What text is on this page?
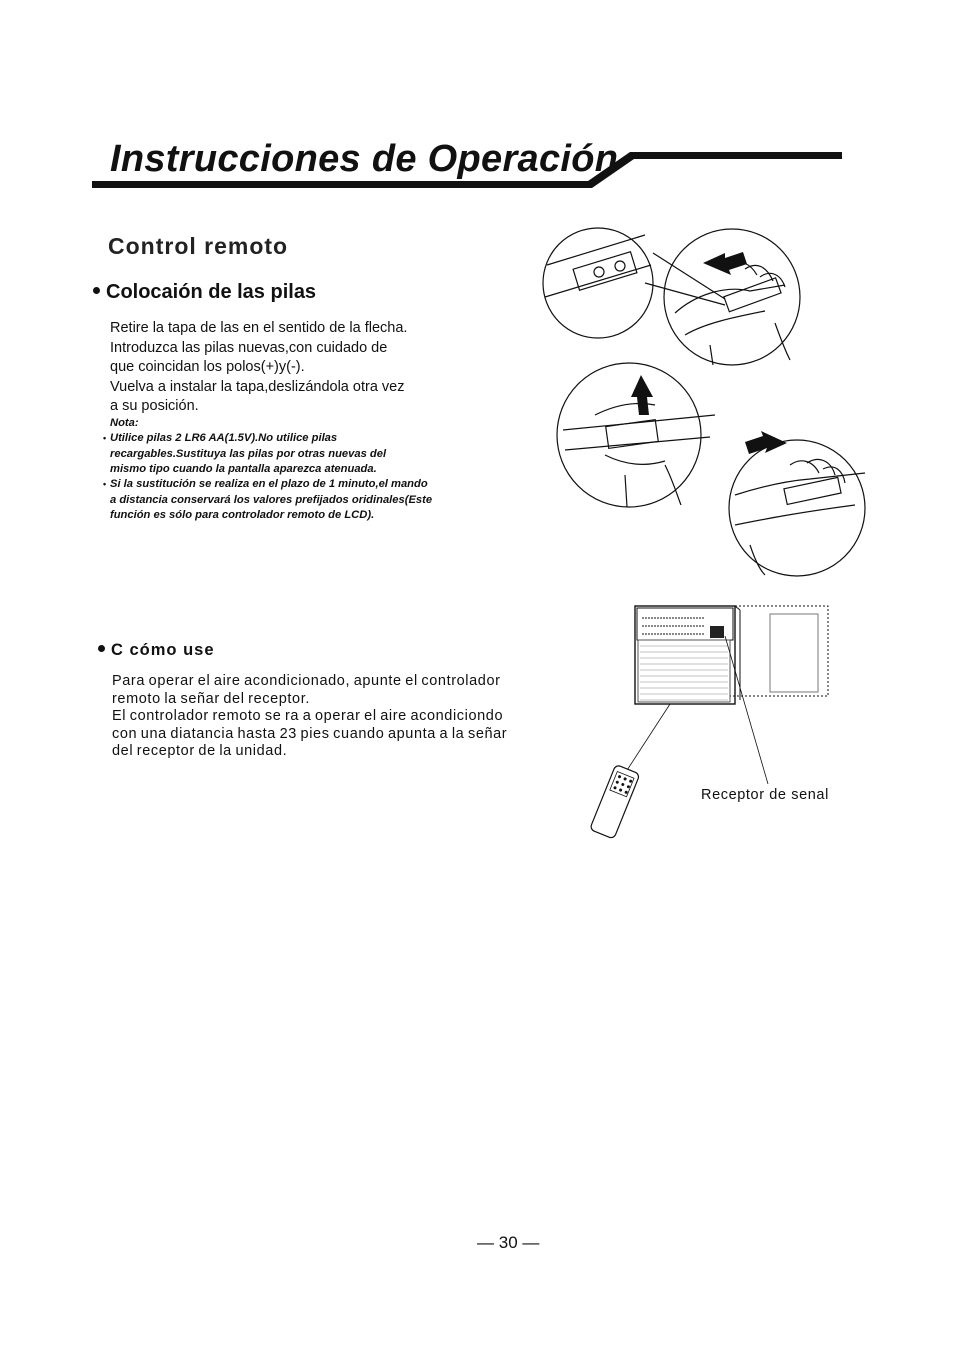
Instrucciones de Operación
Control remoto
Colocaión de las pilas
Retire la tapa de las en el sentido de la flecha.
Introduzca las pilas nuevas,con cuidado de
que coincidan los polos(+)y(-).
Vuelva a instalar la tapa,deslizándola otra vez
a su posición.
Nota:
• Utilice pilas 2 LR6 AA(1.5V).No utilice pilas
recargables.Sustituya las pilas por otras nuevas del
mismo tipo cuando la pantalla aparezca atenuada.
• Si la sustitución se realiza en el plazo de 1 minuto,el mando
a distancia conservará los valores prefijados oridinales(Este
función es sólo para controlador remoto de LCD).
C cómo use
Para operar el aire acondicionado, apunte el controlador
remoto la señar del receptor.
El controlador remoto se ra a operar el aire acondiciondo
con una diatancia hasta 23 pies cuando apunta a la señar
del receptor de la unidad.
Receptor de senal
— 30 —
